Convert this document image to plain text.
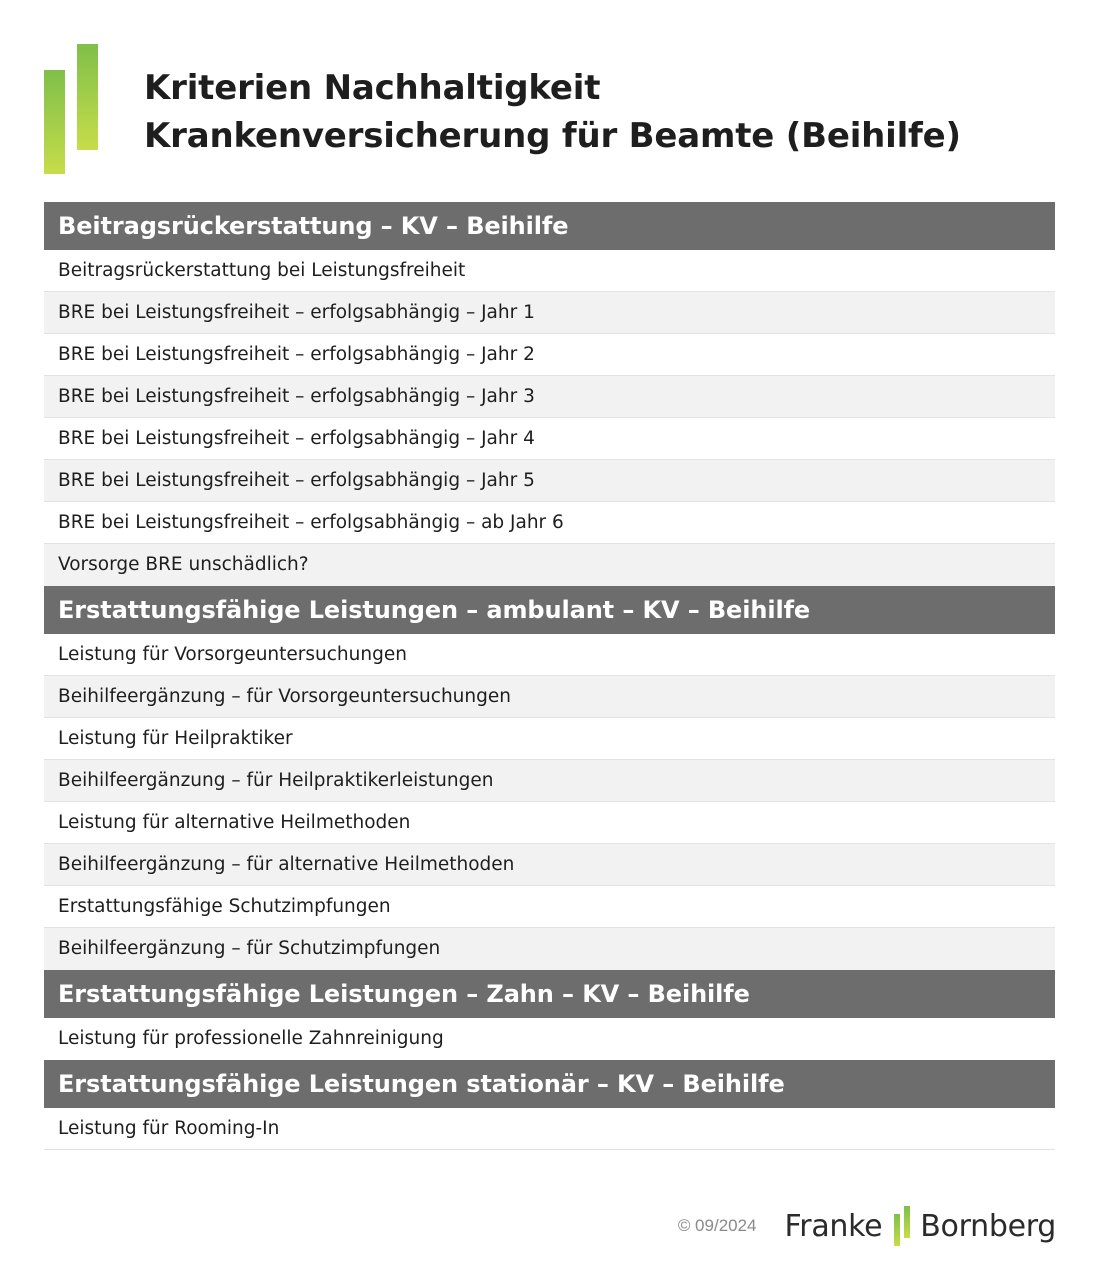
Kriterien Nachhaltigkeit
Krankenversicherung für Beamte (Beihilfe)
Beitragsrückerstattung – KV – Beihilfe
Beitragsrückerstattung bei Leistungsfreiheit
BRE bei Leistungsfreiheit – erfolgsabhängig – Jahr 1
BRE bei Leistungsfreiheit – erfolgsabhängig – Jahr 2
BRE bei Leistungsfreiheit – erfolgsabhängig – Jahr 3
BRE bei Leistungsfreiheit – erfolgsabhängig – Jahr 4
BRE bei Leistungsfreiheit – erfolgsabhängig – Jahr 5
BRE bei Leistungsfreiheit – erfolgsabhängig – ab Jahr 6
Vorsorge BRE unschädlich?
Erstattungsfähige Leistungen – ambulant – KV – Beihilfe
Leistung für Vorsorgeuntersuchungen
Beihilfeergänzung – für Vorsorgeuntersuchungen
Leistung für Heilpraktiker
Beihilfeergänzung – für Heilpraktikerleistungen
Leistung für alternative Heilmethoden
Beihilfeergänzung – für alternative Heilmethoden
Erstattungsfähige Schutzimpfungen
Beihilfeergänzung – für Schutzimpfungen
Erstattungsfähige Leistungen – Zahn – KV – Beihilfe
Leistung für professionelle Zahnreinigung
Erstattungsfähige Leistungen stationär – KV – Beihilfe
Leistung für Rooming-In
© 09/2024 Franke Bornberg
